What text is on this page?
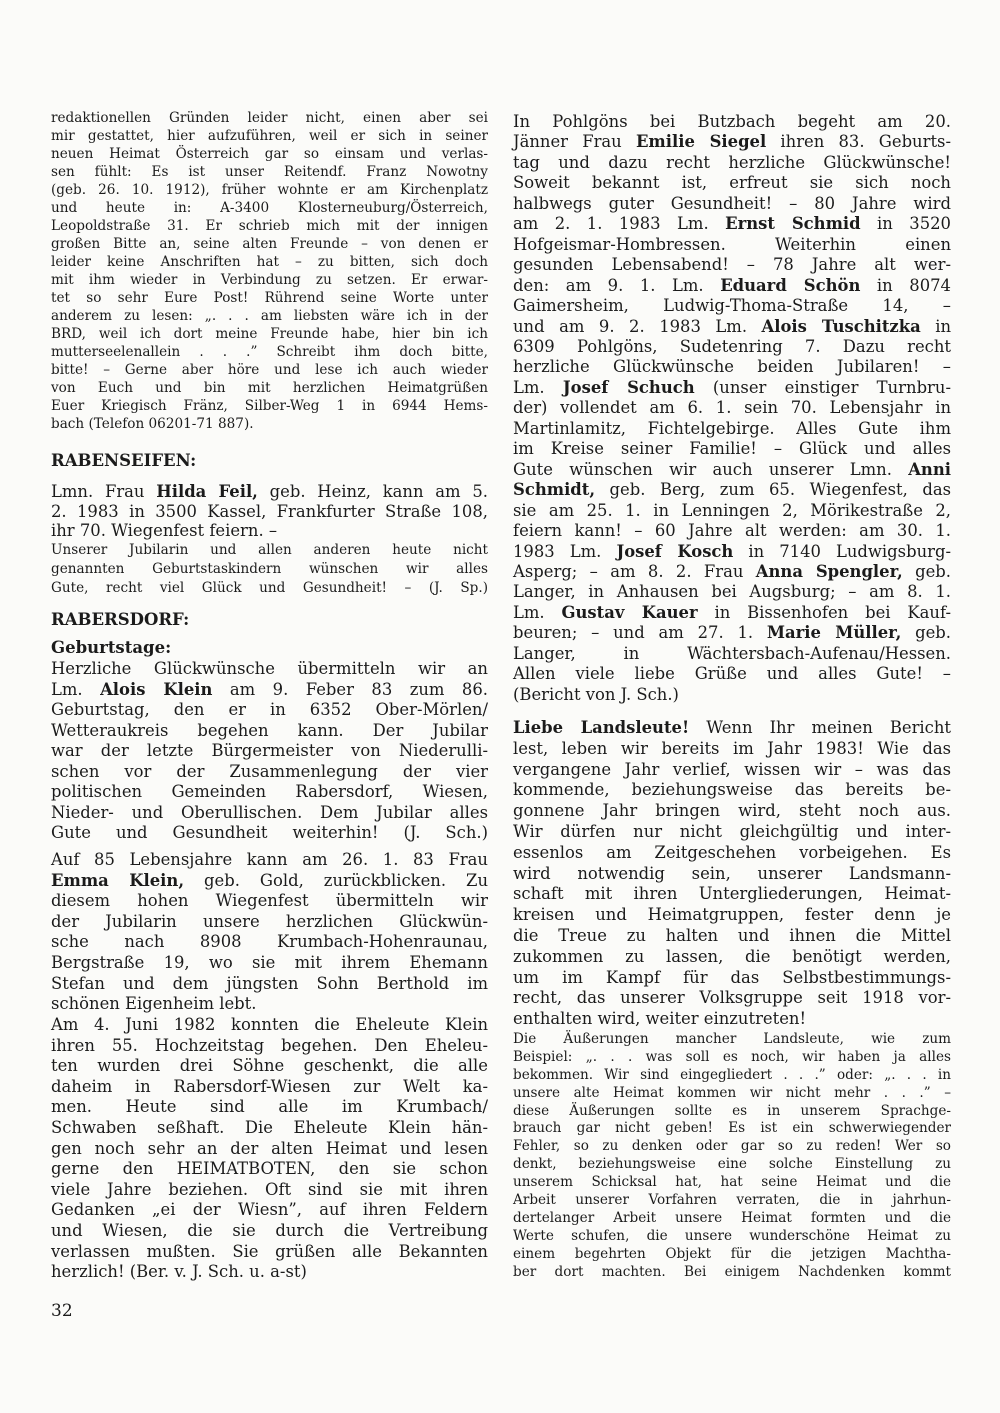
redaktionellen Gründen leider nicht, einen aber sei
mir gestattet, hier aufzuführen, weil er sich in seiner
neuen Heimat Österreich gar so einsam und verlas-
sen fühlt: Es ist unser Reitendf. Franz Nowotny
(geb. 26. 10. 1912), früher wohnte er am Kirchenplatz
und heute in: A-3400 Klosterneuburg/Österreich,
Leopoldstraße 31. Er schrieb mich mit der innigen
großen Bitte an, seine alten Freunde – von denen er
leider keine Anschriften hat – zu bitten, sich doch
mit ihm wieder in Verbindung zu setzen. Er erwar-
tet so sehr Eure Post! Rührend seine Worte unter
anderem zu lesen: „. . . am liebsten wäre ich in der
BRD, weil ich dort meine Freunde habe, hier bin ich
mutterseelenallein . . .” Schreibt ihm doch bitte,
bitte! – Gerne aber höre und lese ich auch wieder
von Euch und bin mit herzlichen Heimatgrüßen
Euer Kriegisch Fränz, Silber-Weg 1 in 6944 Hems-
bach (Telefon 06201-71 887).
RABENSEIFEN:
Lmn. Frau Hilda Feil, geb. Heinz, kann am 5.
2. 1983 in 3500 Kassel, Frankfurter Straße 108,
ihr 70. Wiegenfest feiern. –
Unserer Jubilarin und allen anderen heute nicht
genannten Geburtstaskindern wünschen wir alles
Gute, recht viel Glück und Gesundheit! – (J. Sp.)
RABERSDORF:
Geburtstage:
Herzliche Glückwünsche übermitteln wir an
Lm. Alois Klein am 9. Feber 83 zum 86.
Geburtstag, den er in 6352 Ober-Mörlen/
Wetteraukreis begehen kann. Der Jubilar
war der letzte Bürgermeister von Niederulli-
schen vor der Zusammenlegung der vier
politischen Gemeinden Rabersdorf, Wiesen,
Nieder- und Oberullischen. Dem Jubilar alles
Gute und Gesundheit weiterhin! (J. Sch.)
Auf 85 Lebensjahre kann am 26. 1. 83 Frau
Emma Klein, geb. Gold, zurückblicken. Zu
diesem hohen Wiegenfest übermitteln wir
der Jubilarin unsere herzlichen Glückwün-
sche nach 8908 Krumbach-Hohenraunau,
Bergstraße 19, wo sie mit ihrem Ehemann
Stefan und dem jüngsten Sohn Berthold im
schönen Eigenheim lebt.
Am 4. Juni 1982 konnten die Eheleute Klein
ihren 55. Hochzeitstag begehen. Den Eheleu-
ten wurden drei Söhne geschenkt, die alle
daheim in Rabersdorf-Wiesen zur Welt ka-
men. Heute sind alle im Krumbach/
Schwaben seßhaft. Die Eheleute Klein hän-
gen noch sehr an der alten Heimat und lesen
gerne den HEIMATBOTEN, den sie schon
viele Jahre beziehen. Oft sind sie mit ihren
Gedanken „ei der Wiesn”, auf ihren Feldern
und Wiesen, die sie durch die Vertreibung
verlassen mußten. Sie grüßen alle Bekannten
herzlich! (Ber. v. J. Sch. u. a-st)
In Pohlgöns bei Butzbach begeht am 20.
Jänner Frau Emilie Siegel ihren 83. Geburts-
tag und dazu recht herzliche Glückwünsche!
Soweit bekannt ist, erfreut sie sich noch
halbwegs guter Gesundheit! – 80 Jahre wird
am 2. 1. 1983 Lm. Ernst Schmid in 3520
Hofgeismar-Hombressen. Weiterhin einen
gesunden Lebensabend! – 78 Jahre alt wer-
den: am 9. 1. Lm. Eduard Schön in 8074
Gaimersheim, Ludwig-Thoma-Straße 14, –
und am 9. 2. 1983 Lm. Alois Tuschitzka in
6309 Pohlgöns, Sudetenring 7. Dazu recht
herzliche Glückwünsche beiden Jubilaren! –
Lm. Josef Schuch (unser einstiger Turnbru-
der) vollendet am 6. 1. sein 70. Lebensjahr in
Martinlamitz, Fichtelgebirge. Alles Gute ihm
im Kreise seiner Familie! – Glück und alles
Gute wünschen wir auch unserer Lmn. Anni
Schmidt, geb. Berg, zum 65. Wiegenfest, das
sie am 25. 1. in Lenningen 2, Mörikestraße 2,
feiern kann! – 60 Jahre alt werden: am 30. 1.
1983 Lm. Josef Kosch in 7140 Ludwigsburg-
Asperg; – am 8. 2. Frau Anna Spengler, geb.
Langer, in Anhausen bei Augsburg; – am 8. 1.
Lm. Gustav Kauer in Bissenhofen bei Kauf-
beuren; – und am 27. 1. Marie Müller, geb.
Langer, in Wächtersbach-Aufenau/Hessen.
Allen viele liebe Grüße und alles Gute! –
(Bericht von J. Sch.)
Liebe Landsleute! Wenn Ihr meinen Bericht
lest, leben wir bereits im Jahr 1983! Wie das
vergangene Jahr verlief, wissen wir – was das
kommende, beziehungsweise das bereits be-
gonnene Jahr bringen wird, steht noch aus.
Wir dürfen nur nicht gleichgültig und inter-
essenlos am Zeitgeschehen vorbeigehen. Es
wird notwendig sein, unserer Landsmann-
schaft mit ihren Untergliederungen, Heimat-
kreisen und Heimatgruppen, fester denn je
die Treue zu halten und ihnen die Mittel
zukommen zu lassen, die benötigt werden,
um im Kampf für das Selbstbestimmungs-
recht, das unserer Volksgruppe seit 1918 vor-
enthalten wird, weiter einzutreten!
Die Äußerungen mancher Landsleute, wie zum
Beispiel: „. . . was soll es noch, wir haben ja alles
bekommen. Wir sind eingegliedert . . .” oder: „. . . in
unsere alte Heimat kommen wir nicht mehr . . .” –
diese Äußerungen sollte es in unserem Sprachge-
brauch gar nicht geben! Es ist ein schwerwiegender
Fehler, so zu denken oder gar so zu reden! Wer so
denkt, beziehungsweise eine solche Einstellung zu
unserem Schicksal hat, hat seine Heimat und die
Arbeit unserer Vorfahren verraten, die in jahrhun-
dertelanger Arbeit unsere Heimat formten und die
Werte schufen, die unsere wunderschöne Heimat zu
einem begehrten Objekt für die jetzigen Machtha-
ber dort machten. Bei einigem Nachdenken kommt
32
